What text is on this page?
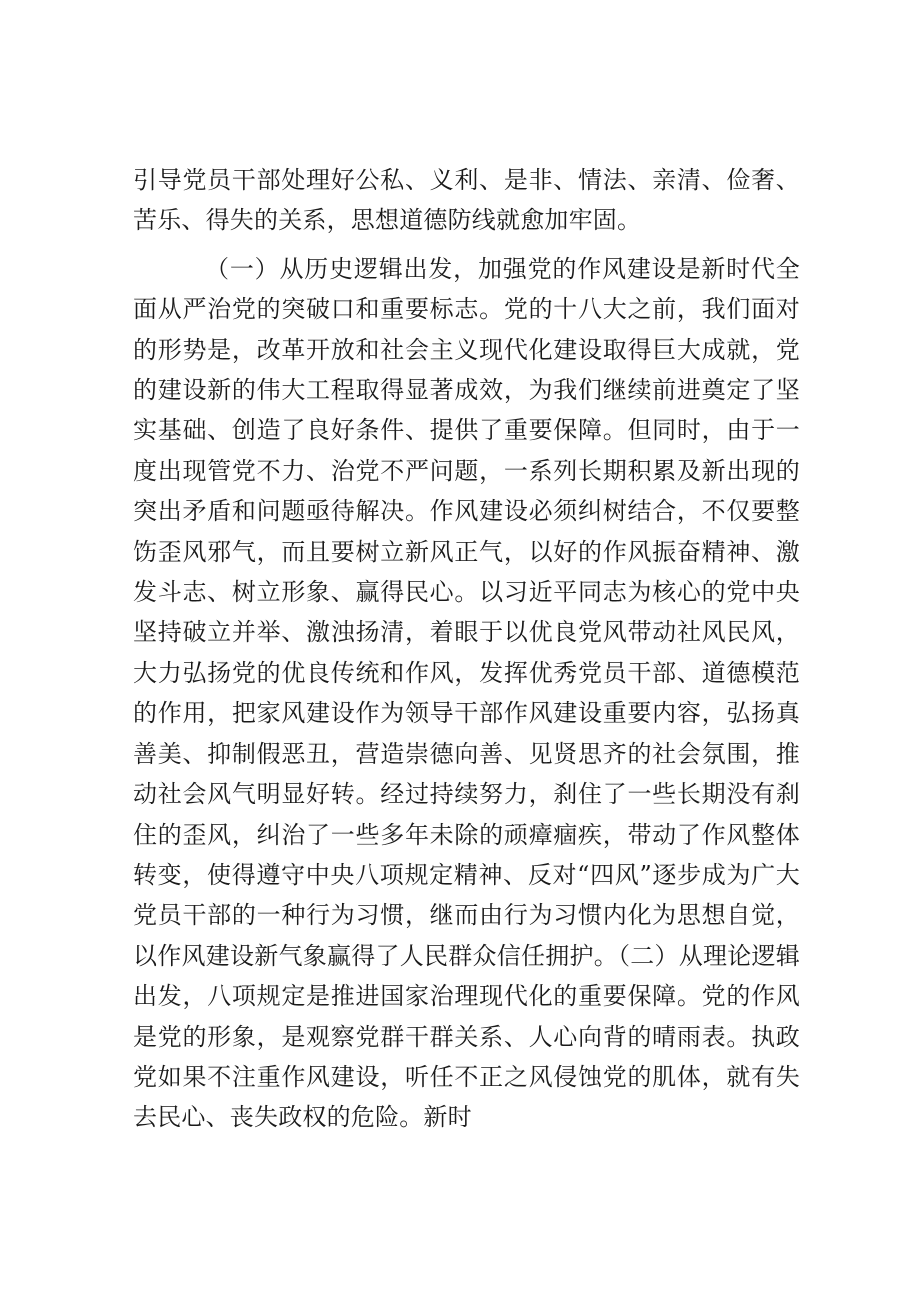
引导党员干部处理好公私、义利、是非、情法、亲清、俭奢、苦乐、得失的关系，思想道德防线就愈加牢固。

（一）从历史逻辑出发，加强党的作风建设是新时代全面从严治党的突破口和重要标志。党的十八大之前，我们面对的形势是，改革开放和社会主义现代化建设取得巨大成就，党的建设新的伟大工程取得显著成效，为我们继续前进奠定了坚实基础、创造了良好条件、提供了重要保障。但同时，由于一度出现管党不力、治党不严问题，一系列长期积累及新出现的突出矛盾和问题亟待解决。作风建设必须纠树结合，不仅要整饬歪风邪气，而且要树立新风正气，以好的作风振奋精神、激发斗志、树立形象、赢得民心。以习近平同志为核心的党中央坚持破立并举、激浊扬清，着眼于以优良党风带动社风民风，大力弘扬党的优良传统和作风，发挥优秀党员干部、道德模范的作用，把家风建设作为领导干部作风建设重要内容，弘扬真善美、抑制假恶丑，营造崇德向善、见贤思齐的社会氛围，推动社会风气明显好转。经过持续努力，刹住了一些长期没有刹住的歪风，纠治了一些多年未除的顽瘴痼疾，带动了作风整体转变，使得遵守中央八项规定精神、反对“四风”逐步成为广大党员干部的一种行为习惯，继而由行为习惯内化为思想自觉，以作风建设新气象赢得了人民群众信任拥护。（二）从理论逻辑出发，八项规定是推进国家治理现代化的重要保障。党的作风是党的形象，是观察党群干群关系、人心向背的晴雨表。执政党如果不注重作风建设，听任不正之风侵蚀党的肌体，就有失去民心、丧失政权的危险。新时
